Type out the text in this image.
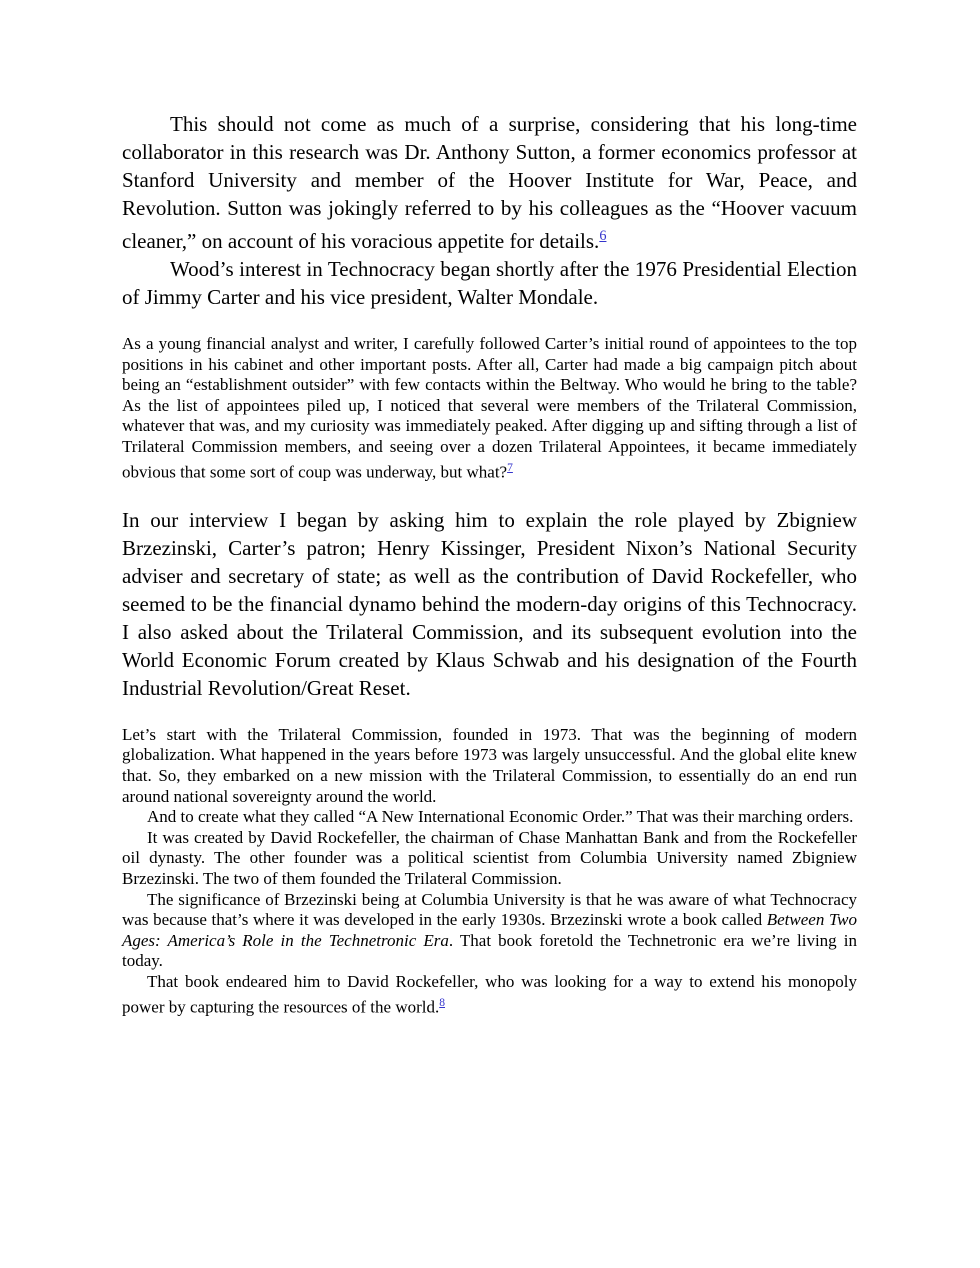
This should not come as much of a surprise, considering that his long-time collaborator in this research was Dr. Anthony Sutton, a former economics professor at Stanford University and member of the Hoover Institute for War, Peace, and Revolution. Sutton was jokingly referred to by his colleagues as the “Hoover vacuum cleaner,” on account of his voracious appetite for details.$^6$

Wood’s interest in Technocracy began shortly after the 1976 Presidential Election of Jimmy Carter and his vice president, Walter Mondale.

As a young financial analyst and writer, I carefully followed Carter’s initial round of appointees to the top positions in his cabinet and other important posts. After all, Carter had made a big campaign pitch about being an “establishment outsider” with few contacts within the Beltway. Who would he bring to the table? As the list of appointees piled up, I noticed that several were members of the Trilateral Commission, whatever that was, and my curiosity was immediately peaked. After digging up and sifting through a list of Trilateral Commission members, and seeing over a dozen Trilateral Appointees, it became immediately obvious that some sort of coup was underway, but what?$^7$

In our interview I began by asking him to explain the role played by Zbigniew Brzezinski, Carter’s patron; Henry Kissinger, President Nixon’s National Security adviser and secretary of state; as well as the contribution of David Rockefeller, who seemed to be the financial dynamo behind the modern-day origins of this Technocracy. I also asked about the Trilateral Commission, and its subsequent evolution into the World Economic Forum created by Klaus Schwab and his designation of the Fourth Industrial Revolution/Great Reset.

Let’s start with the Trilateral Commission, founded in 1973. That was the beginning of modern globalization. What happened in the years before 1973 was largely unsuccessful. And the global elite knew that. So, they embarked on a new mission with the Trilateral Commission, to essentially do an end run around national sovereignty around the world.

And to create what they called “A New International Economic Order.” That was their marching orders.

It was created by David Rockefeller, the chairman of Chase Manhattan Bank and from the Rockefeller oil dynasty. The other founder was a political scientist from Columbia University named Zbigniew Brzezinski. The two of them founded the Trilateral Commission.

The significance of Brzezinski being at Columbia University is that he was aware of what Technocracy was because that’s where it was developed in the early 1930s. Brzezinski wrote a book called Between Two Ages: America’s Role in the Technetronic Era. That book foretold the Technetronic era we’re living in today.

That book endeared him to David Rockefeller, who was looking for a way to extend his monopoly power by capturing the resources of the world.$^8$
